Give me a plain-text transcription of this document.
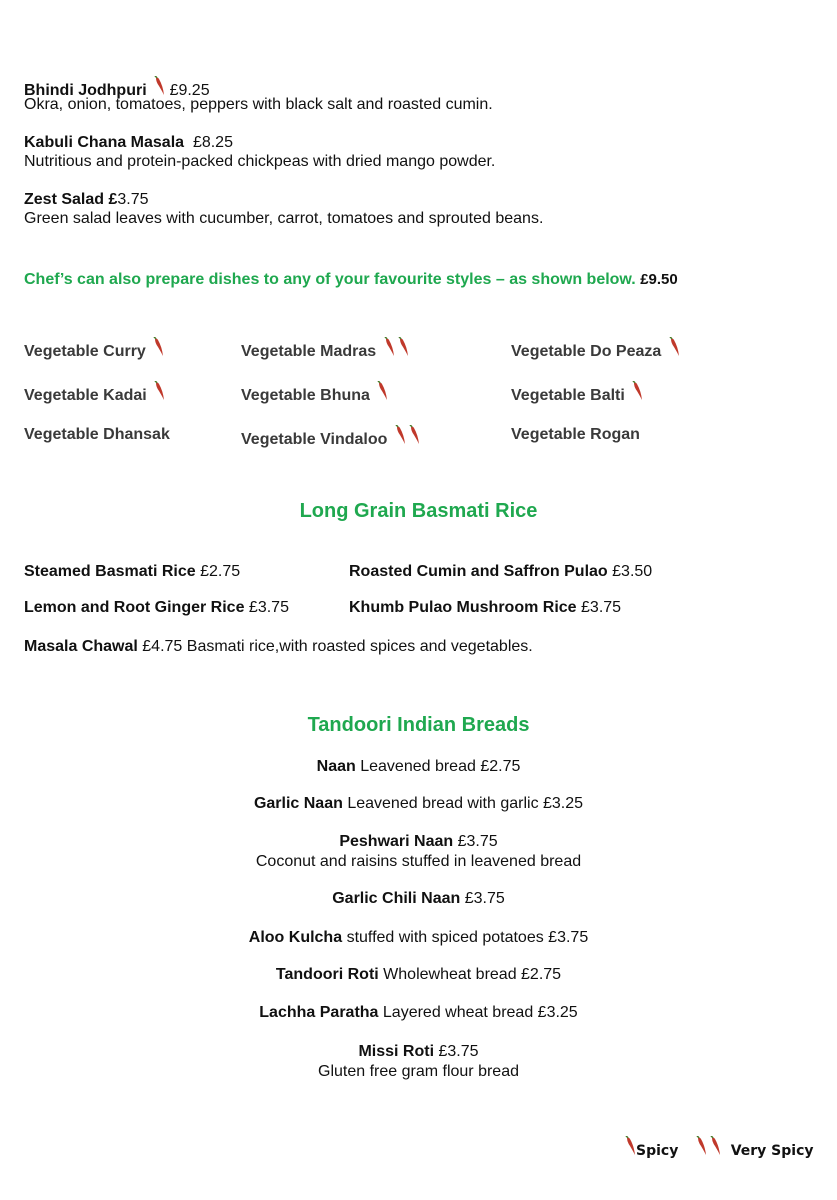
Bhindi Jodhpuri £9.25
Okra, onion, tomatoes, peppers with black salt and roasted cumin.
Kabuli Chana Masala £8.25
Nutritious and protein-packed chickpeas with dried mango powder.
Zest Salad £3.75
Green salad leaves with cucumber, carrot, tomatoes and sprouted beans.
Chef’s can also prepare dishes to any of your favourite styles – as shown below. £9.50
Vegetable Curry	Vegetable Madras	Vegetable Do Peaza
Vegetable Kadai	Vegetable Bhuna	Vegetable Balti
Vegetable Dhansak	Vegetable Vindaloo	Vegetable Rogan
Long Grain Basmati Rice
Steamed Basmati Rice £2.75	Roasted Cumin and Saffron Pulao £3.50
Lemon and Root Ginger Rice £3.75	Khumb Pulao Mushroom Rice £3.75
Masala Chawal £4.75 Basmati rice,with roasted spices and vegetables.
Tandoori Indian Breads
Naan Leavened bread £2.75
Garlic Naan Leavened bread with garlic £3.25
Peshwari Naan £3.75
Coconut and raisins stuffed in leavened bread
Garlic Chili Naan £3.75
Aloo Kulcha stuffed with spiced potatoes £3.75
Tandoori Roti Wholewheat bread £2.75
Lachha Paratha Layered wheat bread £3.25
Missi Roti £3.75
Gluten free gram flour bread
Spicy	Very Spicy
